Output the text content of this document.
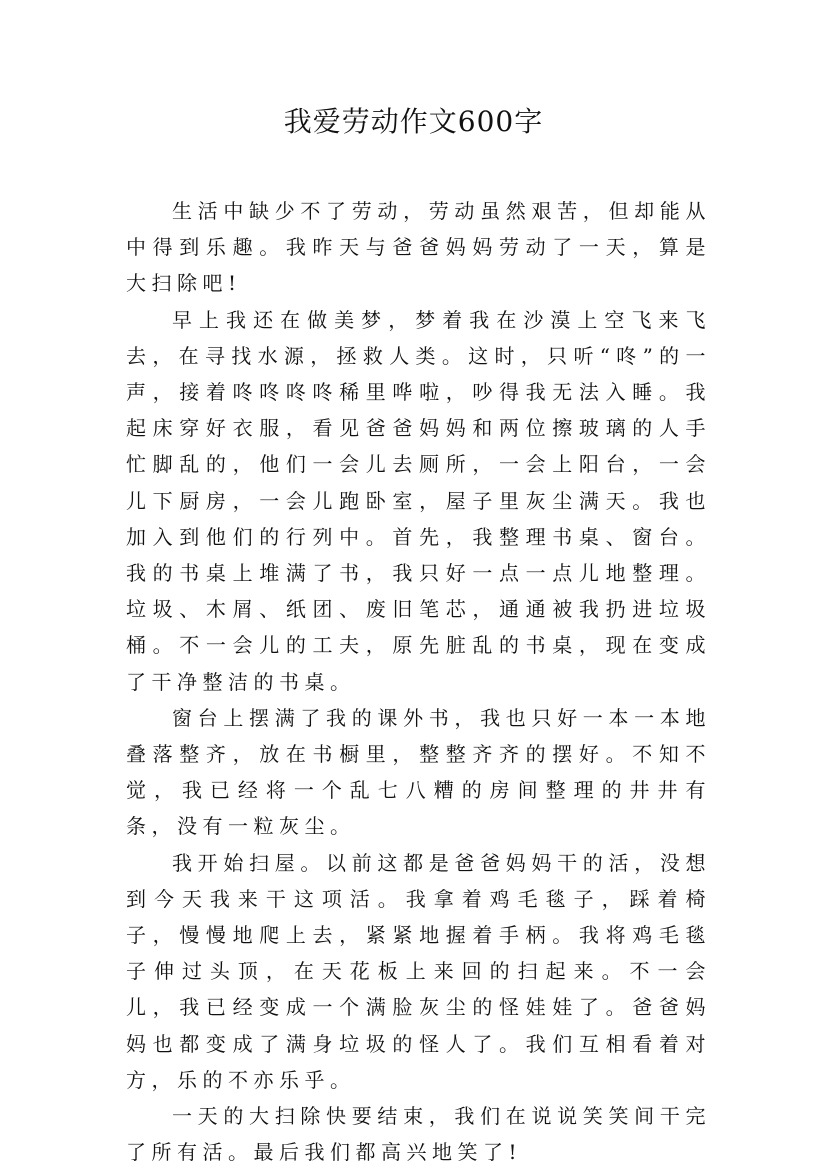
我爱劳动作文600字

生活中缺少不了劳动，劳动虽然艰苦，但却能从中得到乐趣。我昨天与爸爸妈妈劳动了一天，算是大扫除吧!

早上我还在做美梦，梦着我在沙漠上空飞来飞去，在寻找水源，拯救人类。这时，只听“咚”的一声，接着咚咚咚咚稀里哗啦，吵得我无法入睡。我起床穿好衣服，看见爸爸妈妈和两位擦玻璃的人手忙脚乱的，他们一会儿去厕所，一会上阳台，一会儿下厨房，一会儿跑卧室，屋子里灰尘满天。我也加入到他们的行列中。首先，我整理书桌、窗台。我的书桌上堆满了书，我只好一点一点儿地整理。垃圾、木屑、纸团、废旧笔芯，通通被我扔进垃圾桶。不一会儿的工夫，原先脏乱的书桌，现在变成了干净整洁的书桌。

窗台上摆满了我的课外书，我也只好一本一本地叠落整齐，放在书橱里，整整齐齐的摆好。不知不觉，我已经将一个乱七八糟的房间整理的井井有条，没有一粒灰尘。

我开始扫屋。以前这都是爸爸妈妈干的活，没想到今天我来干这项活。我拿着鸡毛毯子，踩着椅子，慢慢地爬上去，紧紧地握着手柄。我将鸡毛毯子伸过头顶，在天花板上来回的扫起来。不一会儿，我已经变成一个满脸灰尘的怪娃娃了。爸爸妈妈也都变成了满身垃圾的怪人了。我们互相看着对方，乐的不亦乐乎。

一天的大扫除快要结束，我们在说说笑笑间干完了所有活。最后我们都高兴地笑了!
